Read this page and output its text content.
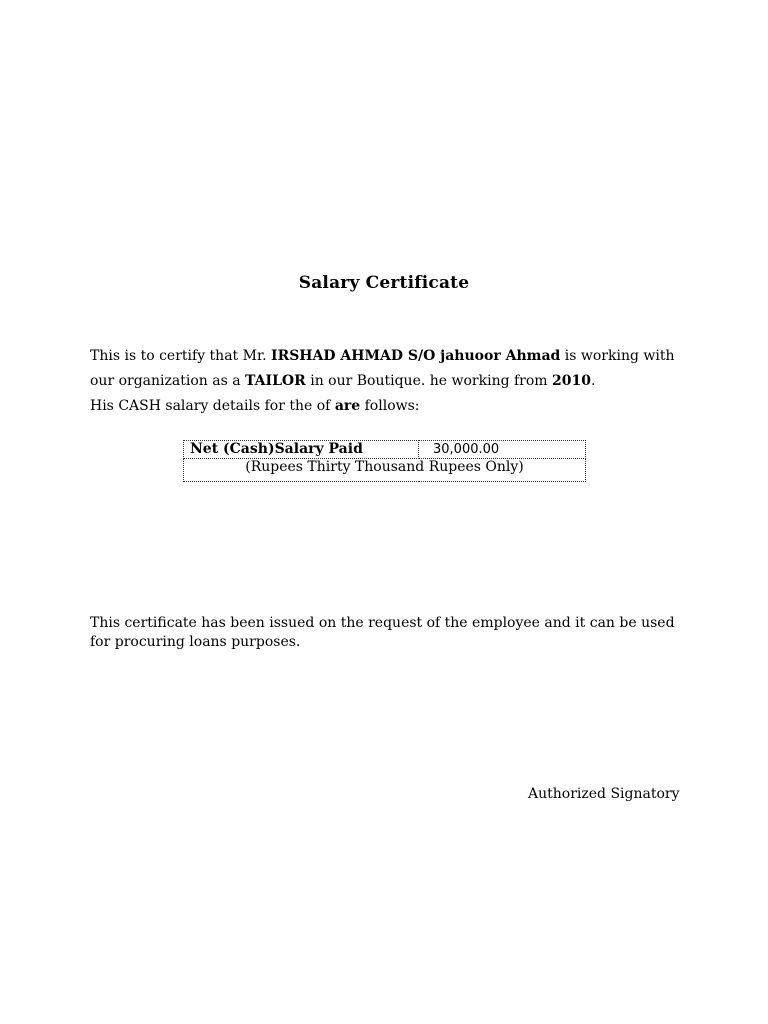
Salary Certificate
This is to certify that Mr. IRSHAD AHMAD S/O jahuoor Ahmad is working with our organization as a TAILOR in our Boutique. he working from 2010.
His CASH salary details for the of are follows:
Net (Cash)Salary Paid	30,000.00
(Rupees Thirty Thousand Rupees Only)
This certificate has been issued on the request of the employee and it can be used for procuring loans purposes.
Authorized Signatory
